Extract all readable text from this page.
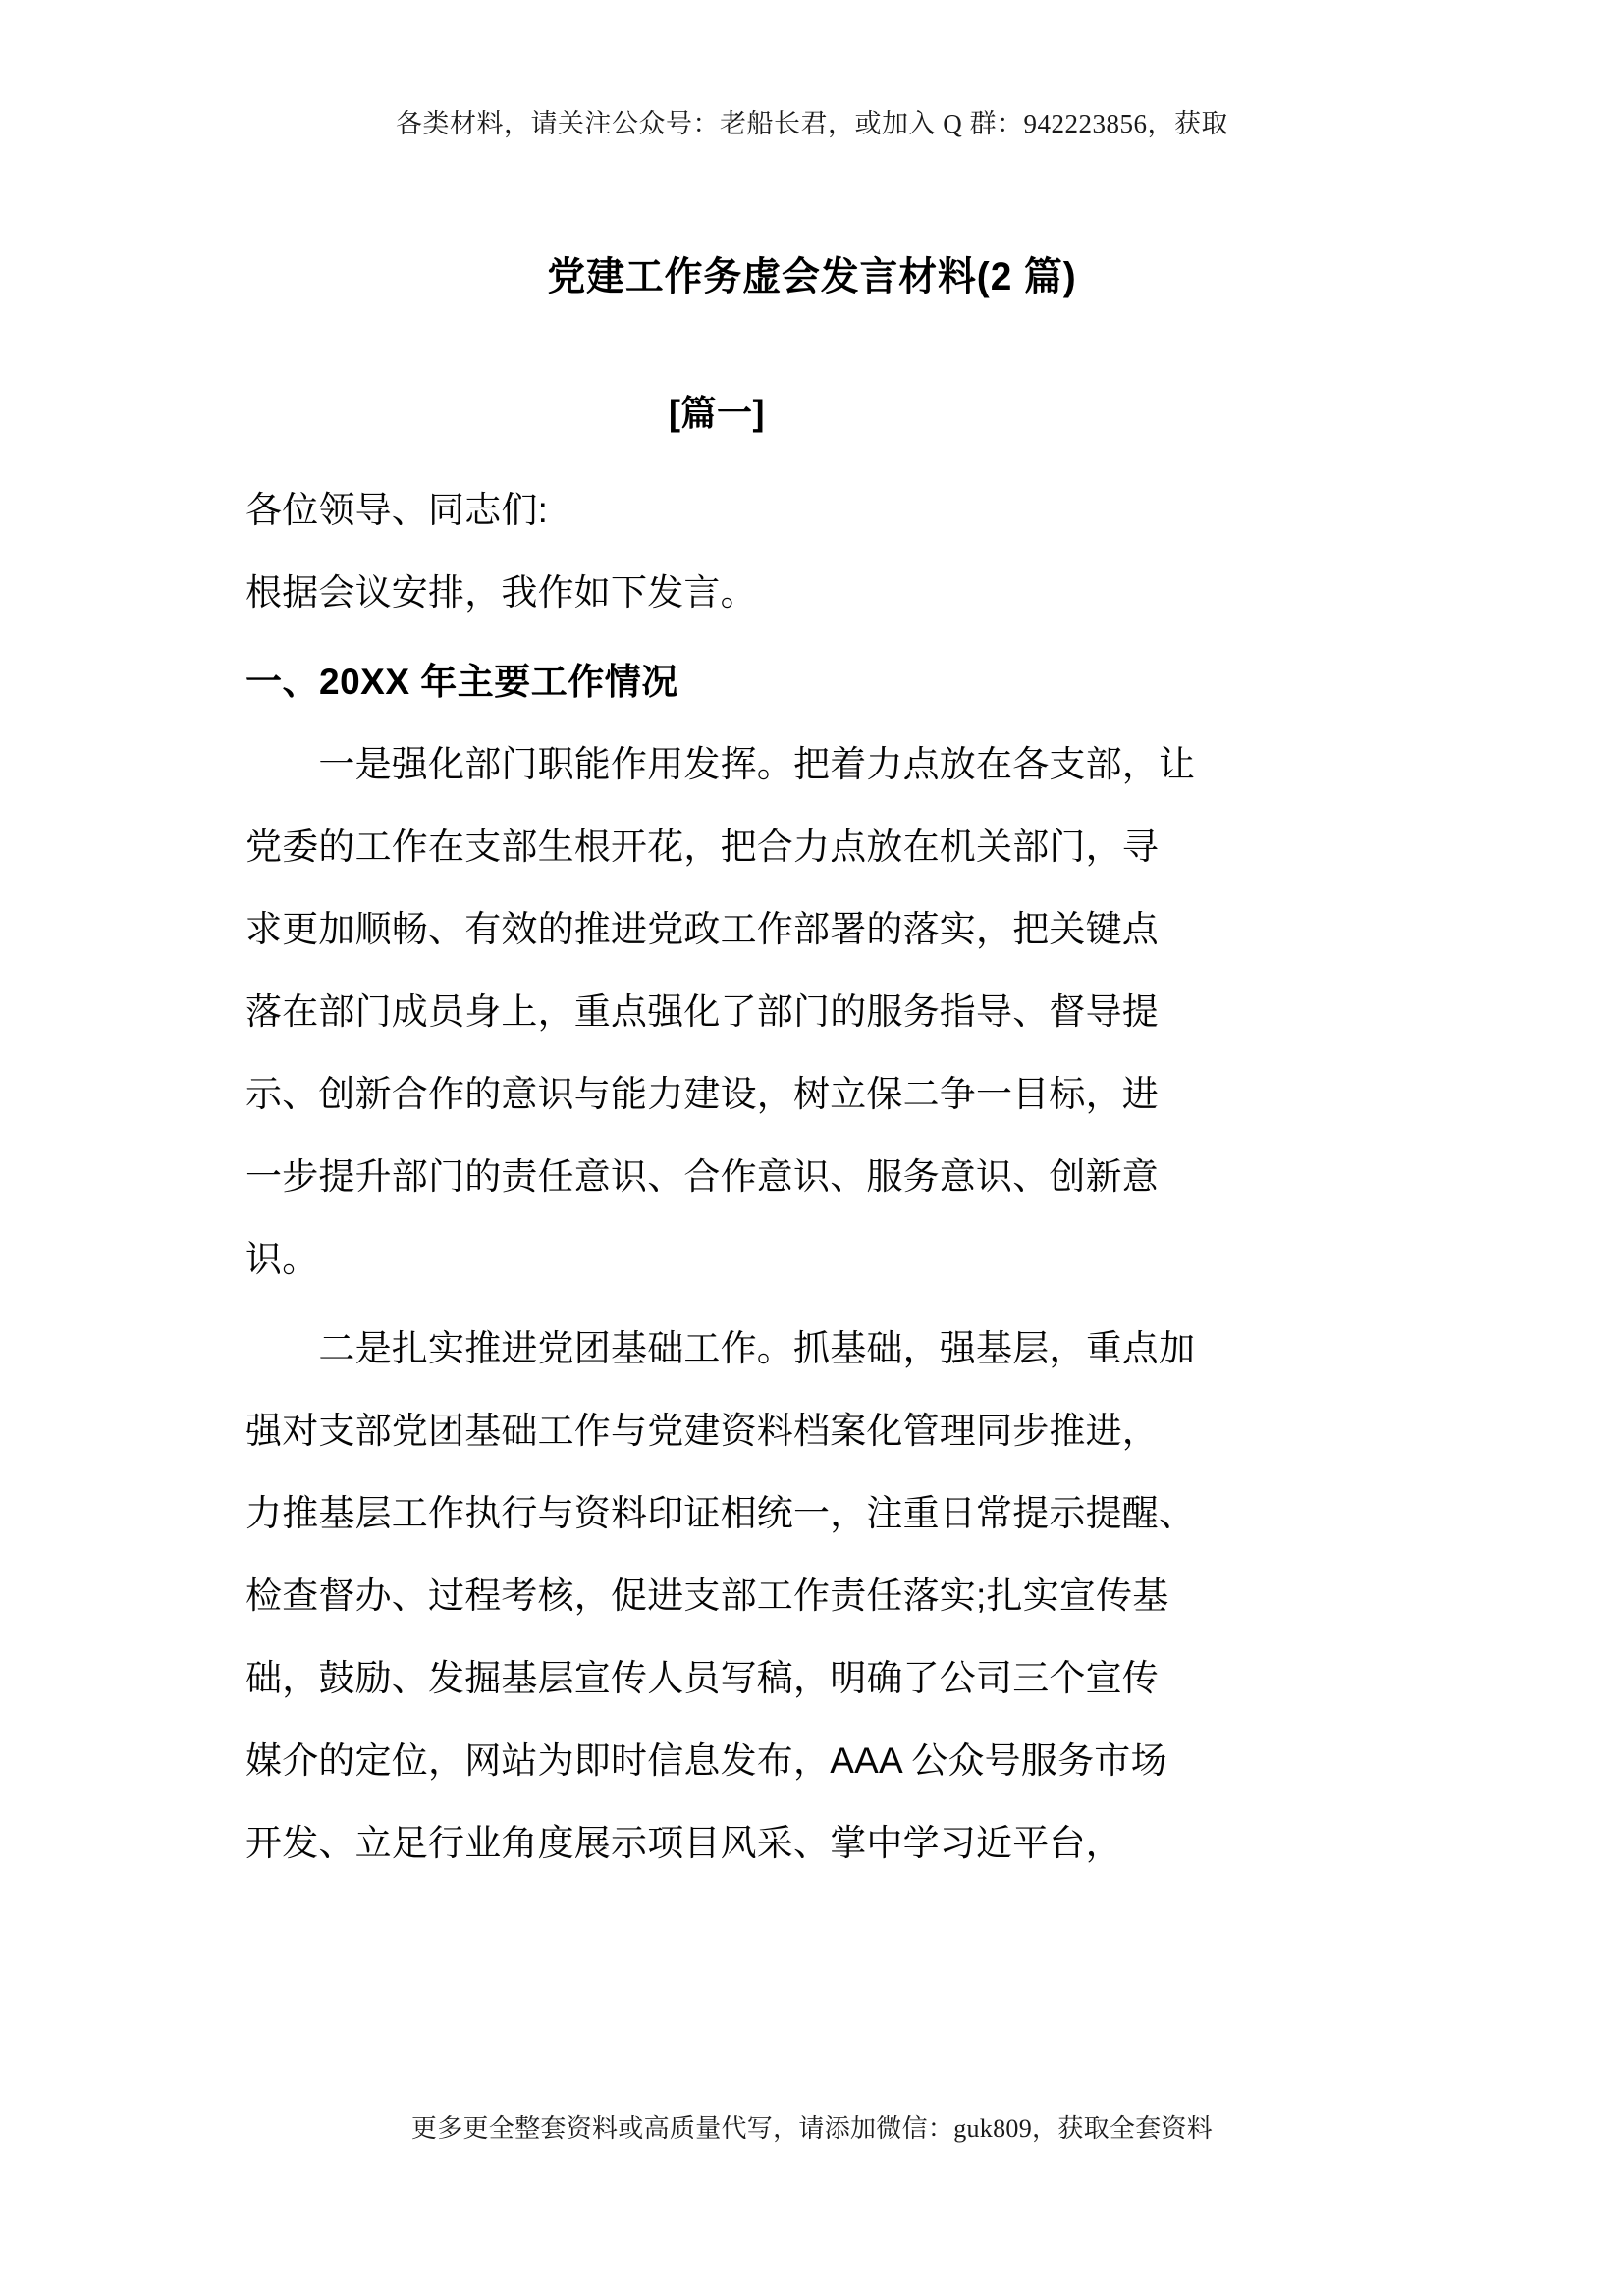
各类材料，请关注公众号：老船长君，或加入 Q 群：942223856，获取
党建工作务虚会发言材料(2 篇)
[篇一]

各位领导、同志们:

根据会议安排，我作如下发言。

一、20XX 年主要工作情况

　　一是强化部门职能作用发挥。把着力点放在各支部，让

党委的工作在支部生根开花，把合力点放在机关部门，寻

求更加顺畅、有效的推进党政工作部署的落实，把关键点

落在部门成员身上，重点强化了部门的服务指导、督导提

示、创新合作的意识与能力建设，树立保二争一目标，进

一步提升部门的责任意识、合作意识、服务意识、创新意

识。

　　二是扎实推进党团基础工作。抓基础，强基层，重点加

强对支部党团基础工作与党建资料档案化管理同步推进，

力推基层工作执行与资料印证相统一，注重日常提示提醒、

检查督办、过程考核，促进支部工作责任落实;扎实宣传基

础，鼓励、发掘基层宣传人员写稿，明确了公司三个宣传

媒介的定位，网站为即时信息发布，AAA 公众号服务市场

开发、立足行业角度展示项目风采、掌中学习近平台，

更多更全整套资料或高质量代写，请添加微信：guk809，获取全套资料
